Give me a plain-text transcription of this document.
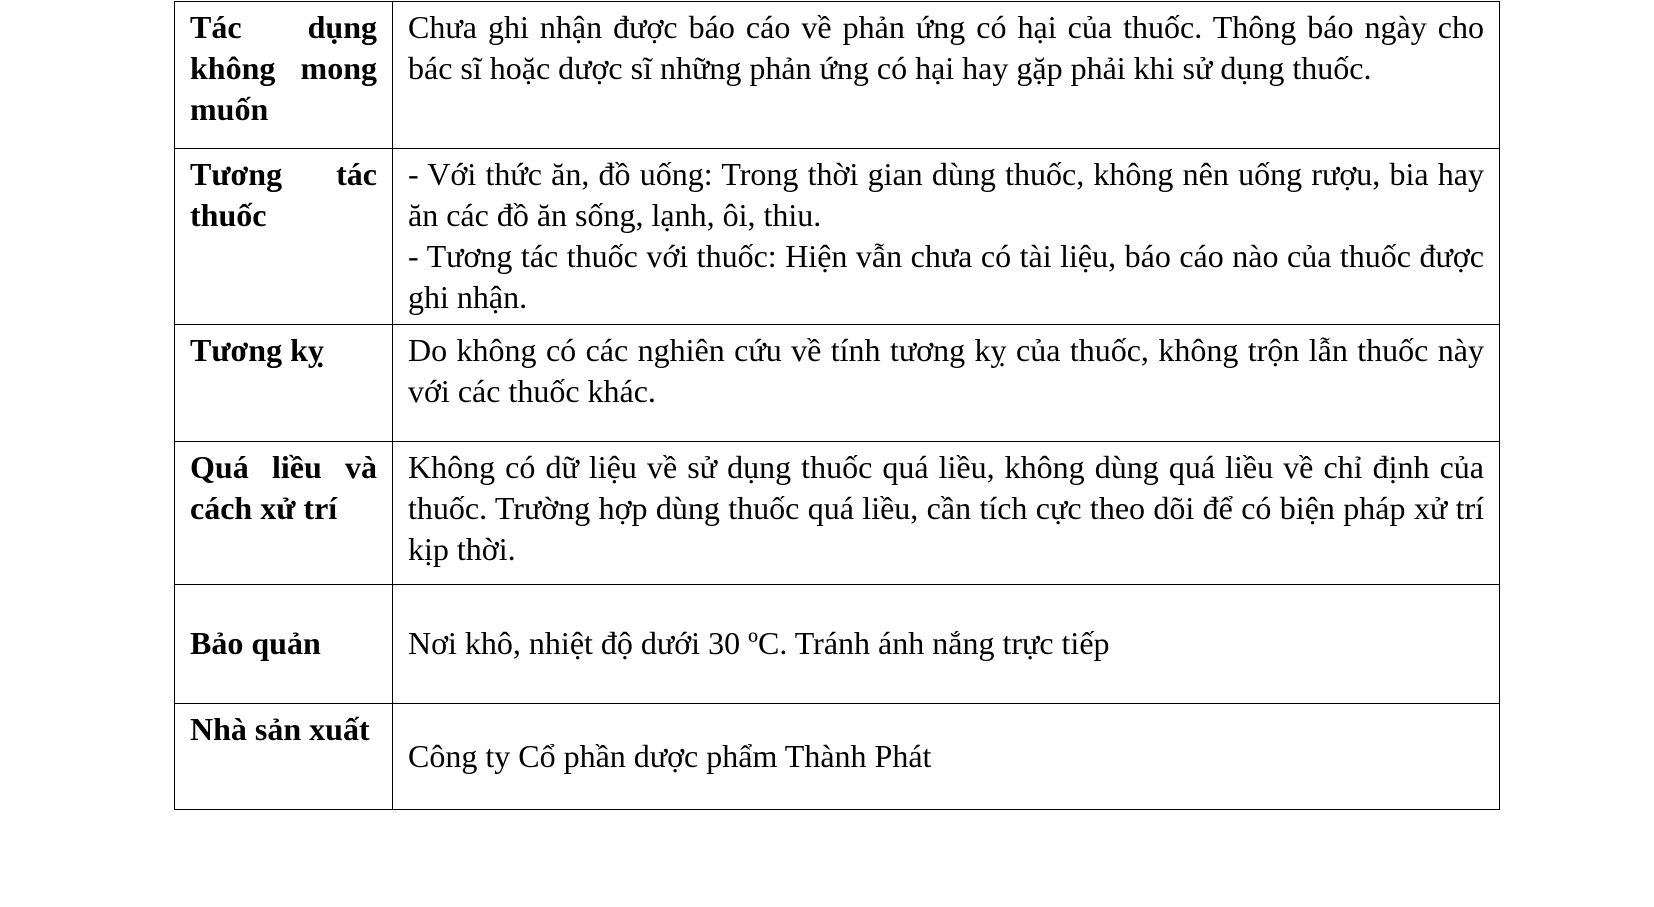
Tác dụng không mong muốn	Chưa ghi nhận được báo cáo về phản ứng có hại của thuốc. Thông báo ngày cho bác sĩ hoặc dược sĩ những phản ứng có hại hay gặp phải khi sử dụng thuốc.

Tương tác thuốc	- Với thức ăn, đồ uống: Trong thời gian dùng thuốc, không nên uống rượu, bia hay ăn các đồ ăn sống, lạnh, ôi, thiu.
- Tương tác thuốc với thuốc: Hiện vẫn chưa có tài liệu, báo cáo nào của thuốc được ghi nhận.

Tương kỵ	Do không có các nghiên cứu về tính tương kỵ của thuốc, không trộn lẫn thuốc này với các thuốc khác.

Quá liều và cách xử trí	Không có dữ liệu về sử dụng thuốc quá liều, không dùng quá liều về chỉ định của thuốc. Trường hợp dùng thuốc quá liều, cần tích cực theo dõi để có biện pháp xử trí kịp thời.

Bảo quản	Nơi khô, nhiệt độ dưới 30 ºC. Tránh ánh nắng trực tiếp

Nhà sản xuất	Công ty Cổ phần dược phẩm Thành Phát
